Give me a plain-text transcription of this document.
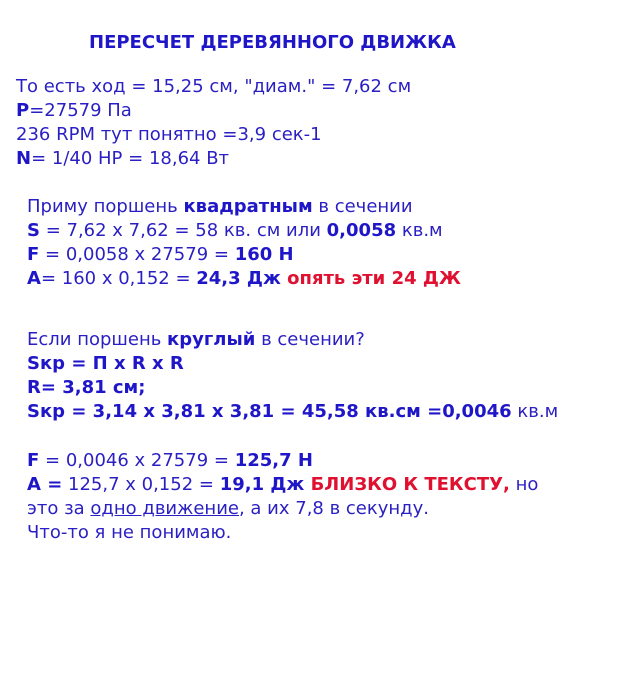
ПЕРЕСЧЕТ ДЕРЕВЯННОГО ДВИЖКА
То есть ход = 15,25 см, "диам." = 7,62 см
P=27579 Па
236 RPM тут понятно =3,9 сек-1
N= 1/40 HP = 18,64 Вт
Приму поршень квадратным в сечении
S = 7,62 х 7,62 = 58 кв. см или 0,0058 кв.м
F = 0,0058 х 27579 = 160 Н
А= 160 х 0,152 = 24,3 Дж опять эти 24 ДЖ
Если поршень круглый в сечении?
Sкр = П х R х R
R= 3,81 см;
Sкр = 3,14 х 3,81 х 3,81 = 45,58 кв.см =0,0046 кв.м
F = 0,0046 х 27579 = 125,7 Н
А = 125,7 х 0,152 = 19,1 Дж БЛИЗКО К ТЕКСТУ, но
это за одно движение, а их 7,8 в секунду.
Что-то я не понимаю.
